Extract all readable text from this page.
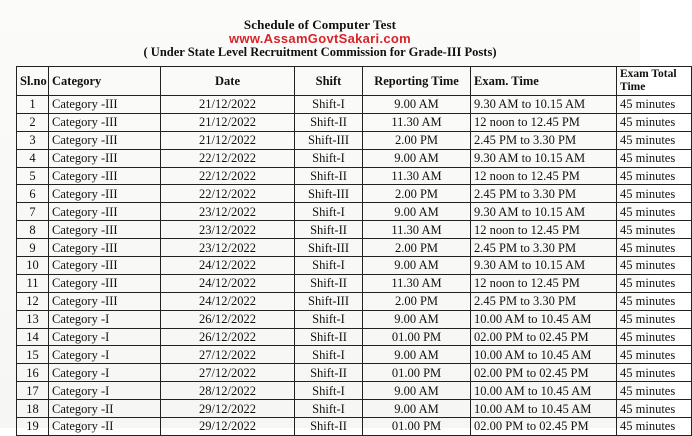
Schedule of Computer Test
www.AssamGovtSakari.com
( Under State Level Recruitment Commission for Grade-III Posts)
Sl.no	Category	Date	Shift	Reporting Time	Exam. Time	Exam Total Time
1	Category -III	21/12/2022	Shift-I	9.00 AM	9.30 AM to 10.15 AM	45 minutes
2	Category -III	21/12/2022	Shift-II	11.30 AM	12 noon to 12.45 PM	45 minutes
3	Category -III	21/12/2022	Shift-III	2.00 PM	2.45 PM to 3.30 PM	45 minutes
4	Category -III	22/12/2022	Shift-I	9.00 AM	9.30 AM to 10.15 AM	45 minutes
5	Category -III	22/12/2022	Shift-II	11.30 AM	12 noon to 12.45 PM	45 minutes
6	Category -III	22/12/2022	Shift-III	2.00 PM	2.45 PM to 3.30 PM	45 minutes
7	Category -III	23/12/2022	Shift-I	9.00 AM	9.30 AM to 10.15 AM	45 minutes
8	Category -III	23/12/2022	Shift-II	11.30 AM	12 noon to 12.45 PM	45 minutes
9	Category -III	23/12/2022	Shift-III	2.00 PM	2.45 PM to 3.30 PM	45 minutes
10	Category -III	24/12/2022	Shift-I	9.00 AM	9.30 AM to 10.15 AM	45 minutes
11	Category -III	24/12/2022	Shift-II	11.30 AM	12 noon to 12.45 PM	45 minutes
12	Category -III	24/12/2022	Shift-III	2.00 PM	2.45 PM to 3.30 PM	45 minutes
13	Category -I	26/12/2022	Shift-I	9.00 AM	10.00 AM to 10.45 AM	45 minutes
14	Category -I	26/12/2022	Shift-II	01.00 PM	02.00 PM to 02.45 PM	45 minutes
15	Category -I	27/12/2022	Shift-I	9.00 AM	10.00 AM to 10.45 AM	45 minutes
16	Category -I	27/12/2022	Shift-II	01.00 PM	02.00 PM to 02.45 PM	45 minutes
17	Category -I	28/12/2022	Shift-I	9.00 AM	10.00 AM to 10.45 AM	45 minutes
18	Category -II	29/12/2022	Shift-I	9.00 AM	10.00 AM to 10.45 AM	45 minutes
19	Category -II	29/12/2022	Shift-II	01.00 PM	02.00 PM to 02.45 PM	45 minutes
